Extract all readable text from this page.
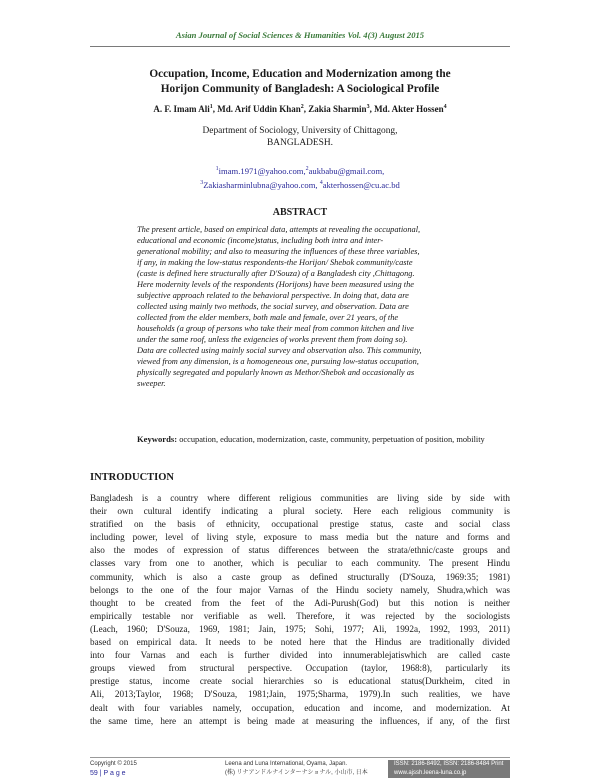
Asian Journal of Social Sciences & Humanities Vol. 4(3) August 2015
Occupation, Income, Education and Modernization among the
Horijon Community of Bangladesh: A Sociological Profile
A. F. Imam Ali$^1$, Md. Arif Uddin Khan$^2$, Zakia Sharmin$^3$, Md. Akter Hossen$^4$
Department of Sociology, University of Chittagong,
BANGLADESH.
$^1$imam.1971@yahoo.com,$^2$aukbabu@gmail.com,
$^3$Zakiasharminlubna@yahoo.com, $^4$akterhossen@cu.ac.bd
ABSTRACT
The present article, based on empirical data, attempts at revealing the occupational,
educational and economic (income)status, including both intra and inter-
generational mobility; and also to measuring the influences of these three variables,
if any, in making the low-status respondents-the Horijon/ Shebok community/caste
(caste is defined here structurally after D'Souza) of a Bangladesh city ,Chittagong.
Here modernity levels of the respondents (Horijons) have been measured using the
subjective approach related to the behavioral perspective. In doing that, data are
collected using mainly two methods, the social survey, and observation. Data are
collected from the elder members, both male and female, over 21 years, of the
households (a group of persons who take their meal from common kitchen and live
under the same roof, unless the exigencies of works prevent them from doing so).
Data are collected using mainly social survey and observation also. This community,
viewed from any dimension, is a homogeneous one, pursuing low-status occupation,
physically segregated and popularly known as Methor/Shebok and occasionally as
sweeper.
Keywords: occupation, education, modernization, caste, community, perpetuation of position, mobility
INTRODUCTION
Bangladesh is a country where different religious communities are living side by side with
their own cultural identify indicating a plural society. Here each religious community is
stratified on the basis of ethnicity, occupational prestige status, caste and social class
including power, level of living style, exposure to mass media but the nature and forms and
also the modes of expression of status differences between the strata/ethnic/caste groups and
classes vary from one to another, which is peculiar to each community. The present Hindu
community, which is also a caste group as defined structurally (D'Souza, 1969:35; 1981)
belongs to the one of the four major Varnas of the Hindu society namely, Shudra,which was
thought to be created from the feet of the Adi-Purush(God) but this notion is neither
empirically testable nor verifiable as well. Therefore, it was rejected by the sociologists
(Leach, 1960; D'Souza, 1969, 1981; Jain, 1975; Sohi, 1977; Ali, 1992a, 1992, 1993, 2011)
based on empirical data. It needs to be noted here that the Hindus are traditionally divided
into four Varnas and each is further divided into innumerablejatiswhich are called caste
groups viewed from structural perspective. Occupation (taylor, 1968:8), particularly its
prestige status, income create social hierarchies so is educational status(Durkheim, cited in
Ali, 2013;Taylor, 1968; D'Souza, 1981;Jain, 1975;Sharma, 1979).In such realities, we have
dealt with four variables namely, occupation, education and income, and modernization. At
the same time, here an attempt is being made at measuring the influences, if any, of the first
Copyright © 2015
59 | P a g e
Leena and Luna International, Oyama, Japan.
(株) リナアンドルナインターナショナル, 小山市, 日本
ISSN: 2186-8492, ISSN: 2186-8484 Print
www.ajssh.leena-luna.co.jp
